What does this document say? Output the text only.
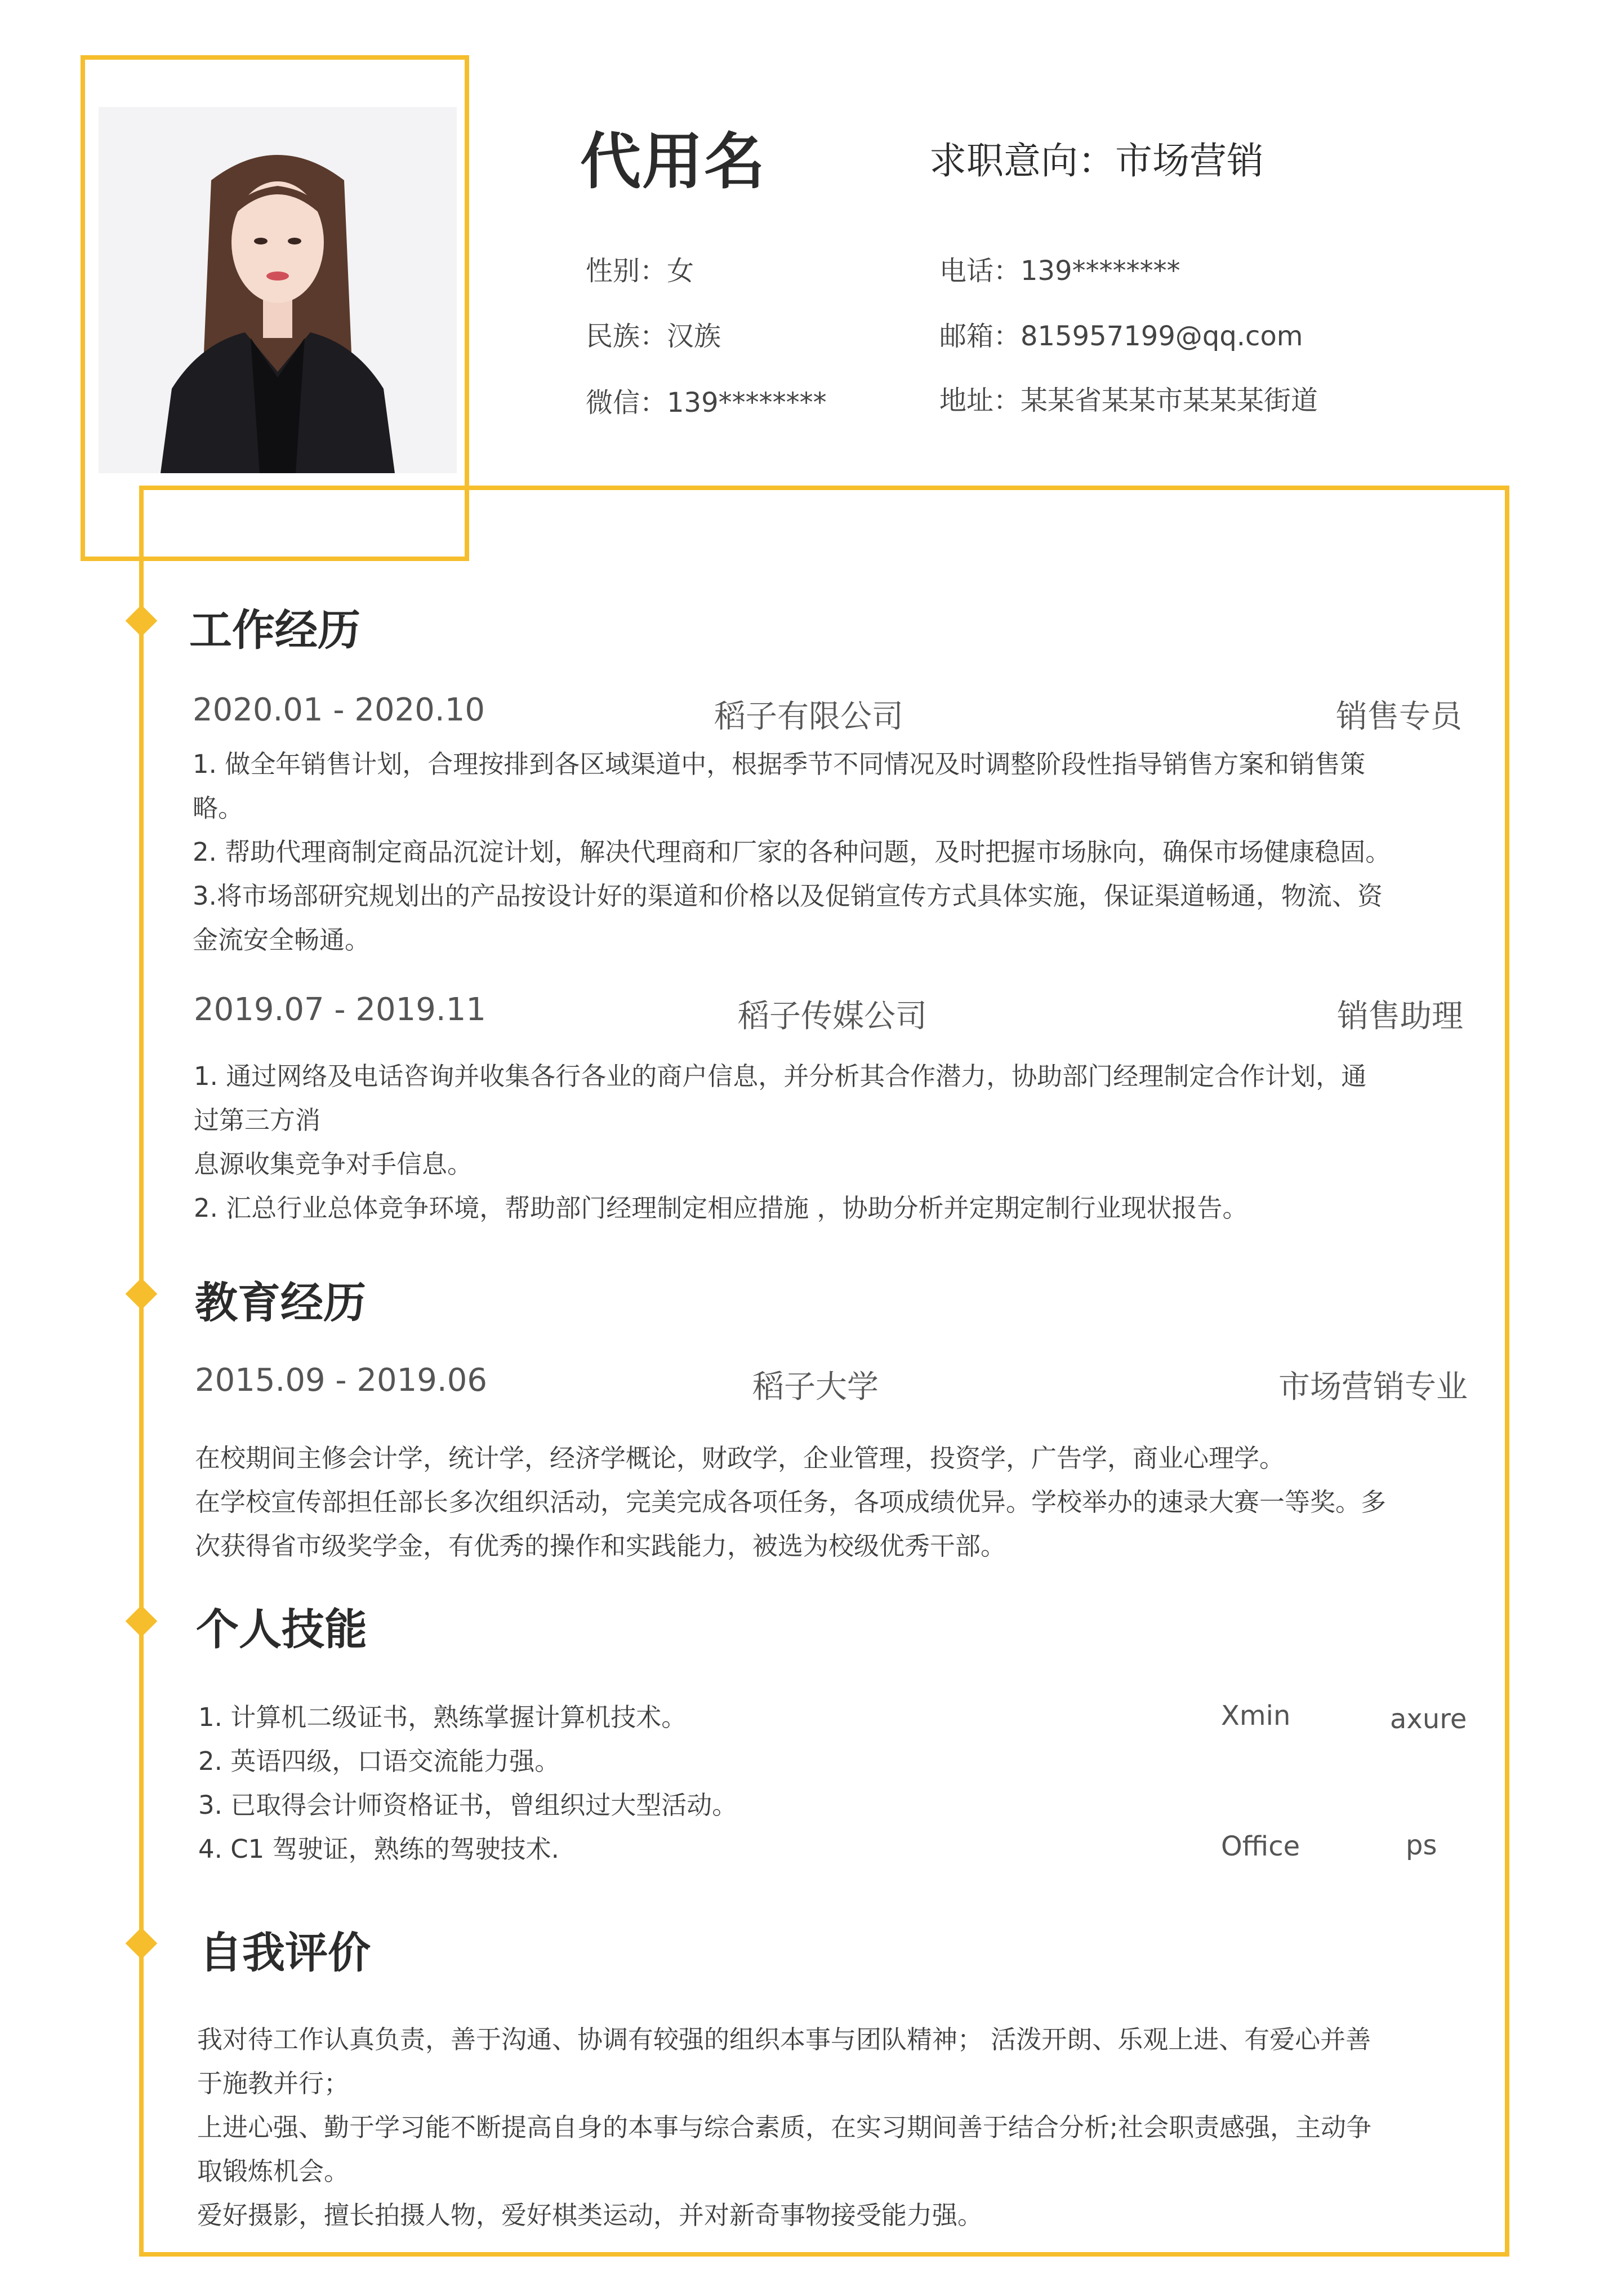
代用名	求职意向：市场营销
性别：女	电话：139********
民族：汉族	邮箱：815957199@qq.com
微信：139********	地址：某某省某某市某某某街道
工作经历
2020.01 - 2020.10	稻子有限公司	销售专员
1. 做全年销售计划，合理按排到各区域渠道中，根据季节不同情况及时调整阶段性指导销售方案和销售策
略。
2. 帮助代理商制定商品沉淀计划，解决代理商和厂家的各种问题，及时把握市场脉向，确保市场健康稳固。
3.将市场部研究规划出的产品按设计好的渠道和价格以及促销宣传方式具体实施，保证渠道畅通，物流、资
金流安全畅通。
2019.07 - 2019.11	稻子传媒公司	销售助理
1. 通过网络及电话咨询并收集各行各业的商户信息，并分析其合作潜力，协助部门经理制定合作计划，通
过第三方消
息源收集竞争对手信息。
2. 汇总行业总体竞争环境，帮助部门经理制定相应措施 ，协助分析并定期定制行业现状报告。
教育经历
2015.09 - 2019.06	稻子大学	市场营销专业
在校期间主修会计学，统计学，经济学概论，财政学，企业管理，投资学，广告学，商业心理学。
在学校宣传部担任部长多次组织活动，完美完成各项任务，各项成绩优异。学校举办的速录大赛一等奖。多
次获得省市级奖学金，有优秀的操作和实践能力，被选为校级优秀干部。
个人技能
1. 计算机二级证书，熟练掌握计算机技术。
2. 英语四级，口语交流能力强。
3. 已取得会计师资格证书，曾组织过大型活动。
4. C1 驾驶证，熟练的驾驶技术.
Xmin	axure
Office	ps
自我评价
我对待工作认真负责，善于沟通、协调有较强的组织本事与团队精神； 活泼开朗、乐观上进、有爱心并善
于施教并行；
上进心强、勤于学习能不断提高自身的本事与综合素质，在实习期间善于结合分析;社会职责感强，主动争
取锻炼机会。
爱好摄影，擅长拍摄人物，爱好棋类运动，并对新奇事物接受能力强。
